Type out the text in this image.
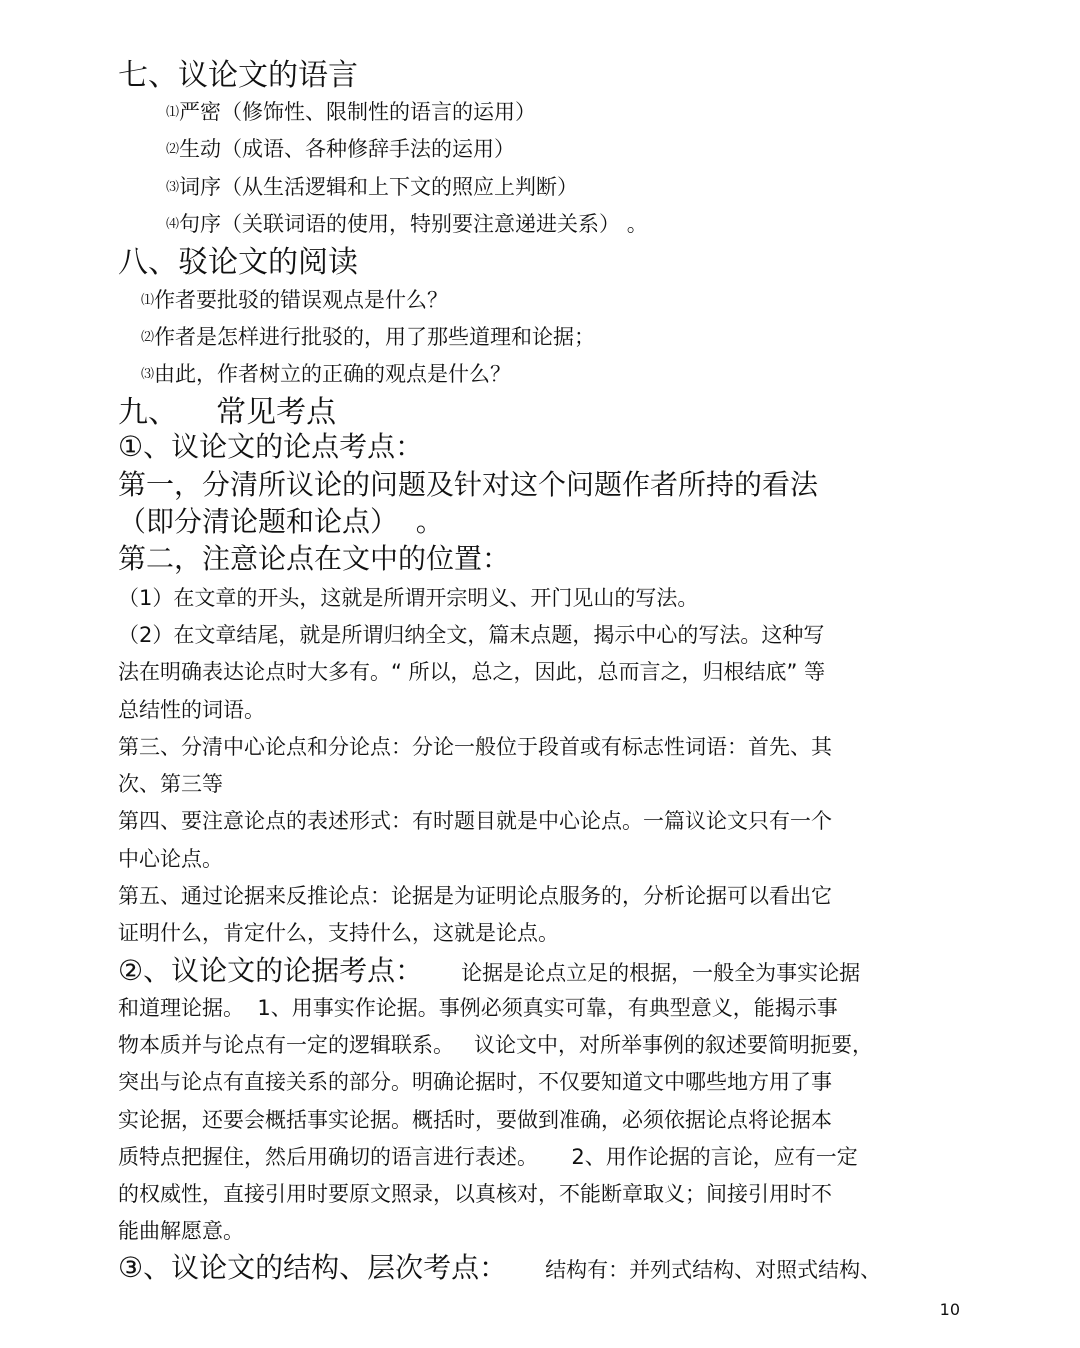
七、议论文的语言
⑴严密（修饰性、限制性的语言的运用）
⑵生动（成语、各种修辞手法的运用）
⑶词序（从生活逻辑和上下文的照应上判断）
⑷句序（关联词语的使用，特别要注意递进关系） 。
八、驳论文的阅读
⑴作者要批驳的错误观点是什么？
⑵作者是怎样进行批驳的，用了那些道理和论据；
⑶由此，作者树立的正确的观点是什么？
九、    常见考点
①、议论文的论点考点：
第一，分清所议论的问题及针对这个问题作者所持的看法
（即分清论题和论点）  。
第二，注意论点在文中的位置：
（1）在文章的开头，这就是所谓开宗明义、开门见山的写法。
（2）在文章结尾，就是所谓归纳全文，篇末点题，揭示中心的写法。这种写
法在明确表达论点时大多有。“ 所以，总之，因此，总而言之，归根结底” 等
总结性的词语。
第三、分清中心论点和分论点：分论一般位于段首或有标志性词语：首先、其
次、第三等
第四、要注意论点的表述形式：有时题目就是中心论点。一篇议论文只有一个
中心论点。
第五、通过论据来反推论点：论据是为证明论点服务的，分析论据可以看出它
证明什么，肯定什么，支持什么，这就是论点。
②、议论文的论据考点： 论据是论点立足的根据，一般全为事实论据
和道理论据。  1、用事实作论据。事例必须真实可靠，有典型意义，能揭示事
物本质并与论点有一定的逻辑联系。   议论文中，对所举事例的叙述要简明扼要，
突出与论点有直接关系的部分。明确论据时，不仅要知道文中哪些地方用了事
实论据，还要会概括事实论据。概括时，要做到准确，必须依据论点将论据本
质特点把握住，然后用确切的语言进行表述。     2、用作论据的言论，应有一定
的权威性，直接引用时要原文照录，以真核对，不能断章取义；间接引用时不
能曲解愿意。
③、议论文的结构、层次考点： 结构有：并列式结构、对照式结构、
10
